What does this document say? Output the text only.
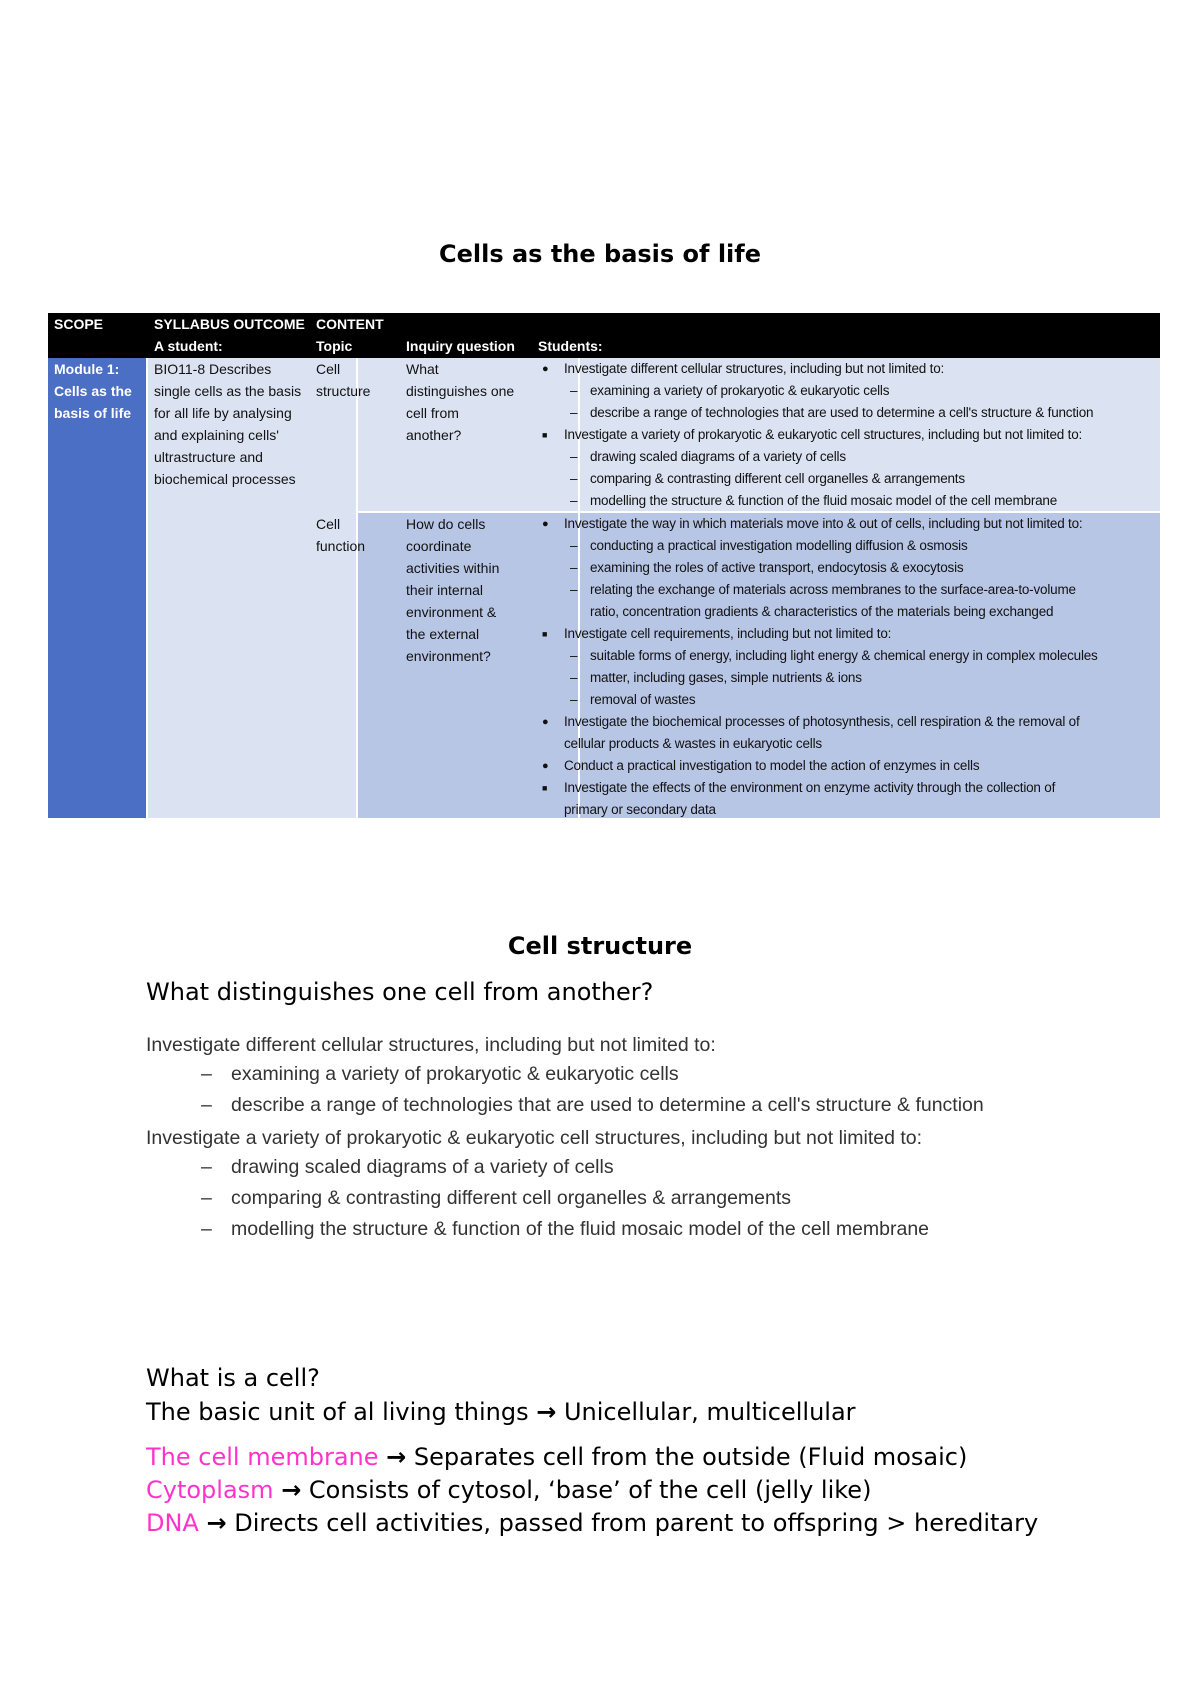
Cells as the basis of life
SCOPE	SYLLABUS OUTCOME
A student:
CONTENT
Topic	Inquiry question Students:
Module 1:
Cells as the
basis of life
BIO11-8 Describes
single cells as the basis
for all life by analysing
and explaining cells'
ultrastructure and
biochemical processes
Cell
structure
What
distinguishes one
cell from
another?
● Investigate different cellular structures, including but not limited to:
– examining a variety of prokaryotic & eukaryotic cells
– describe a range of technologies that are used to determine a cell's structure & function
■ Investigate a variety of prokaryotic & eukaryotic cell structures, including but not limited to:
– drawing scaled diagrams of a variety of cells
– comparing & contrasting different cell organelles & arrangements
– modelling the structure & function of the fluid mosaic model of the cell membrane
Cell
function
How do cells
coordinate
activities within
their internal
environment &
the external
environment?
● Investigate the way in which materials move into & out of cells, including but not limited to:
– conducting a practical investigation modelling diffusion & osmosis
– examining the roles of active transport, endocytosis & exocytosis
– relating the exchange of materials across membranes to the surface-area-to-volume
ratio, concentration gradients & characteristics of the materials being exchanged
■ Investigate cell requirements, including but not limited to:
– suitable forms of energy, including light energy & chemical energy in complex molecules
– matter, including gases, simple nutrients & ions
– removal of wastes
● Investigate the biochemical processes of photosynthesis, cell respiration & the removal of
cellular products & wastes in eukaryotic cells
● Conduct a practical investigation to model the action of enzymes in cells
■ Investigate the effects of the environment on enzyme activity through the collection of
primary or secondary data
Cell structure
What distinguishes one cell from another?
Investigate different cellular structures, including but not limited to:
– examining a variety of prokaryotic & eukaryotic cells
– describe a range of technologies that are used to determine a cell's structure & function
Investigate a variety of prokaryotic & eukaryotic cell structures, including but not limited to:
– drawing scaled diagrams of a variety of cells
– comparing & contrasting different cell organelles & arrangements
– modelling the structure & function of the fluid mosaic model of the cell membrane
What is a cell?
The basic unit of al living things → Unicellular, multicellular
The cell membrane → Separates cell from the outside (Fluid mosaic)
Cytoplasm → Consists of cytosol, ‘base’ of the cell (jelly like)
DNA → Directs cell activities, passed from parent to offspring > hereditary
